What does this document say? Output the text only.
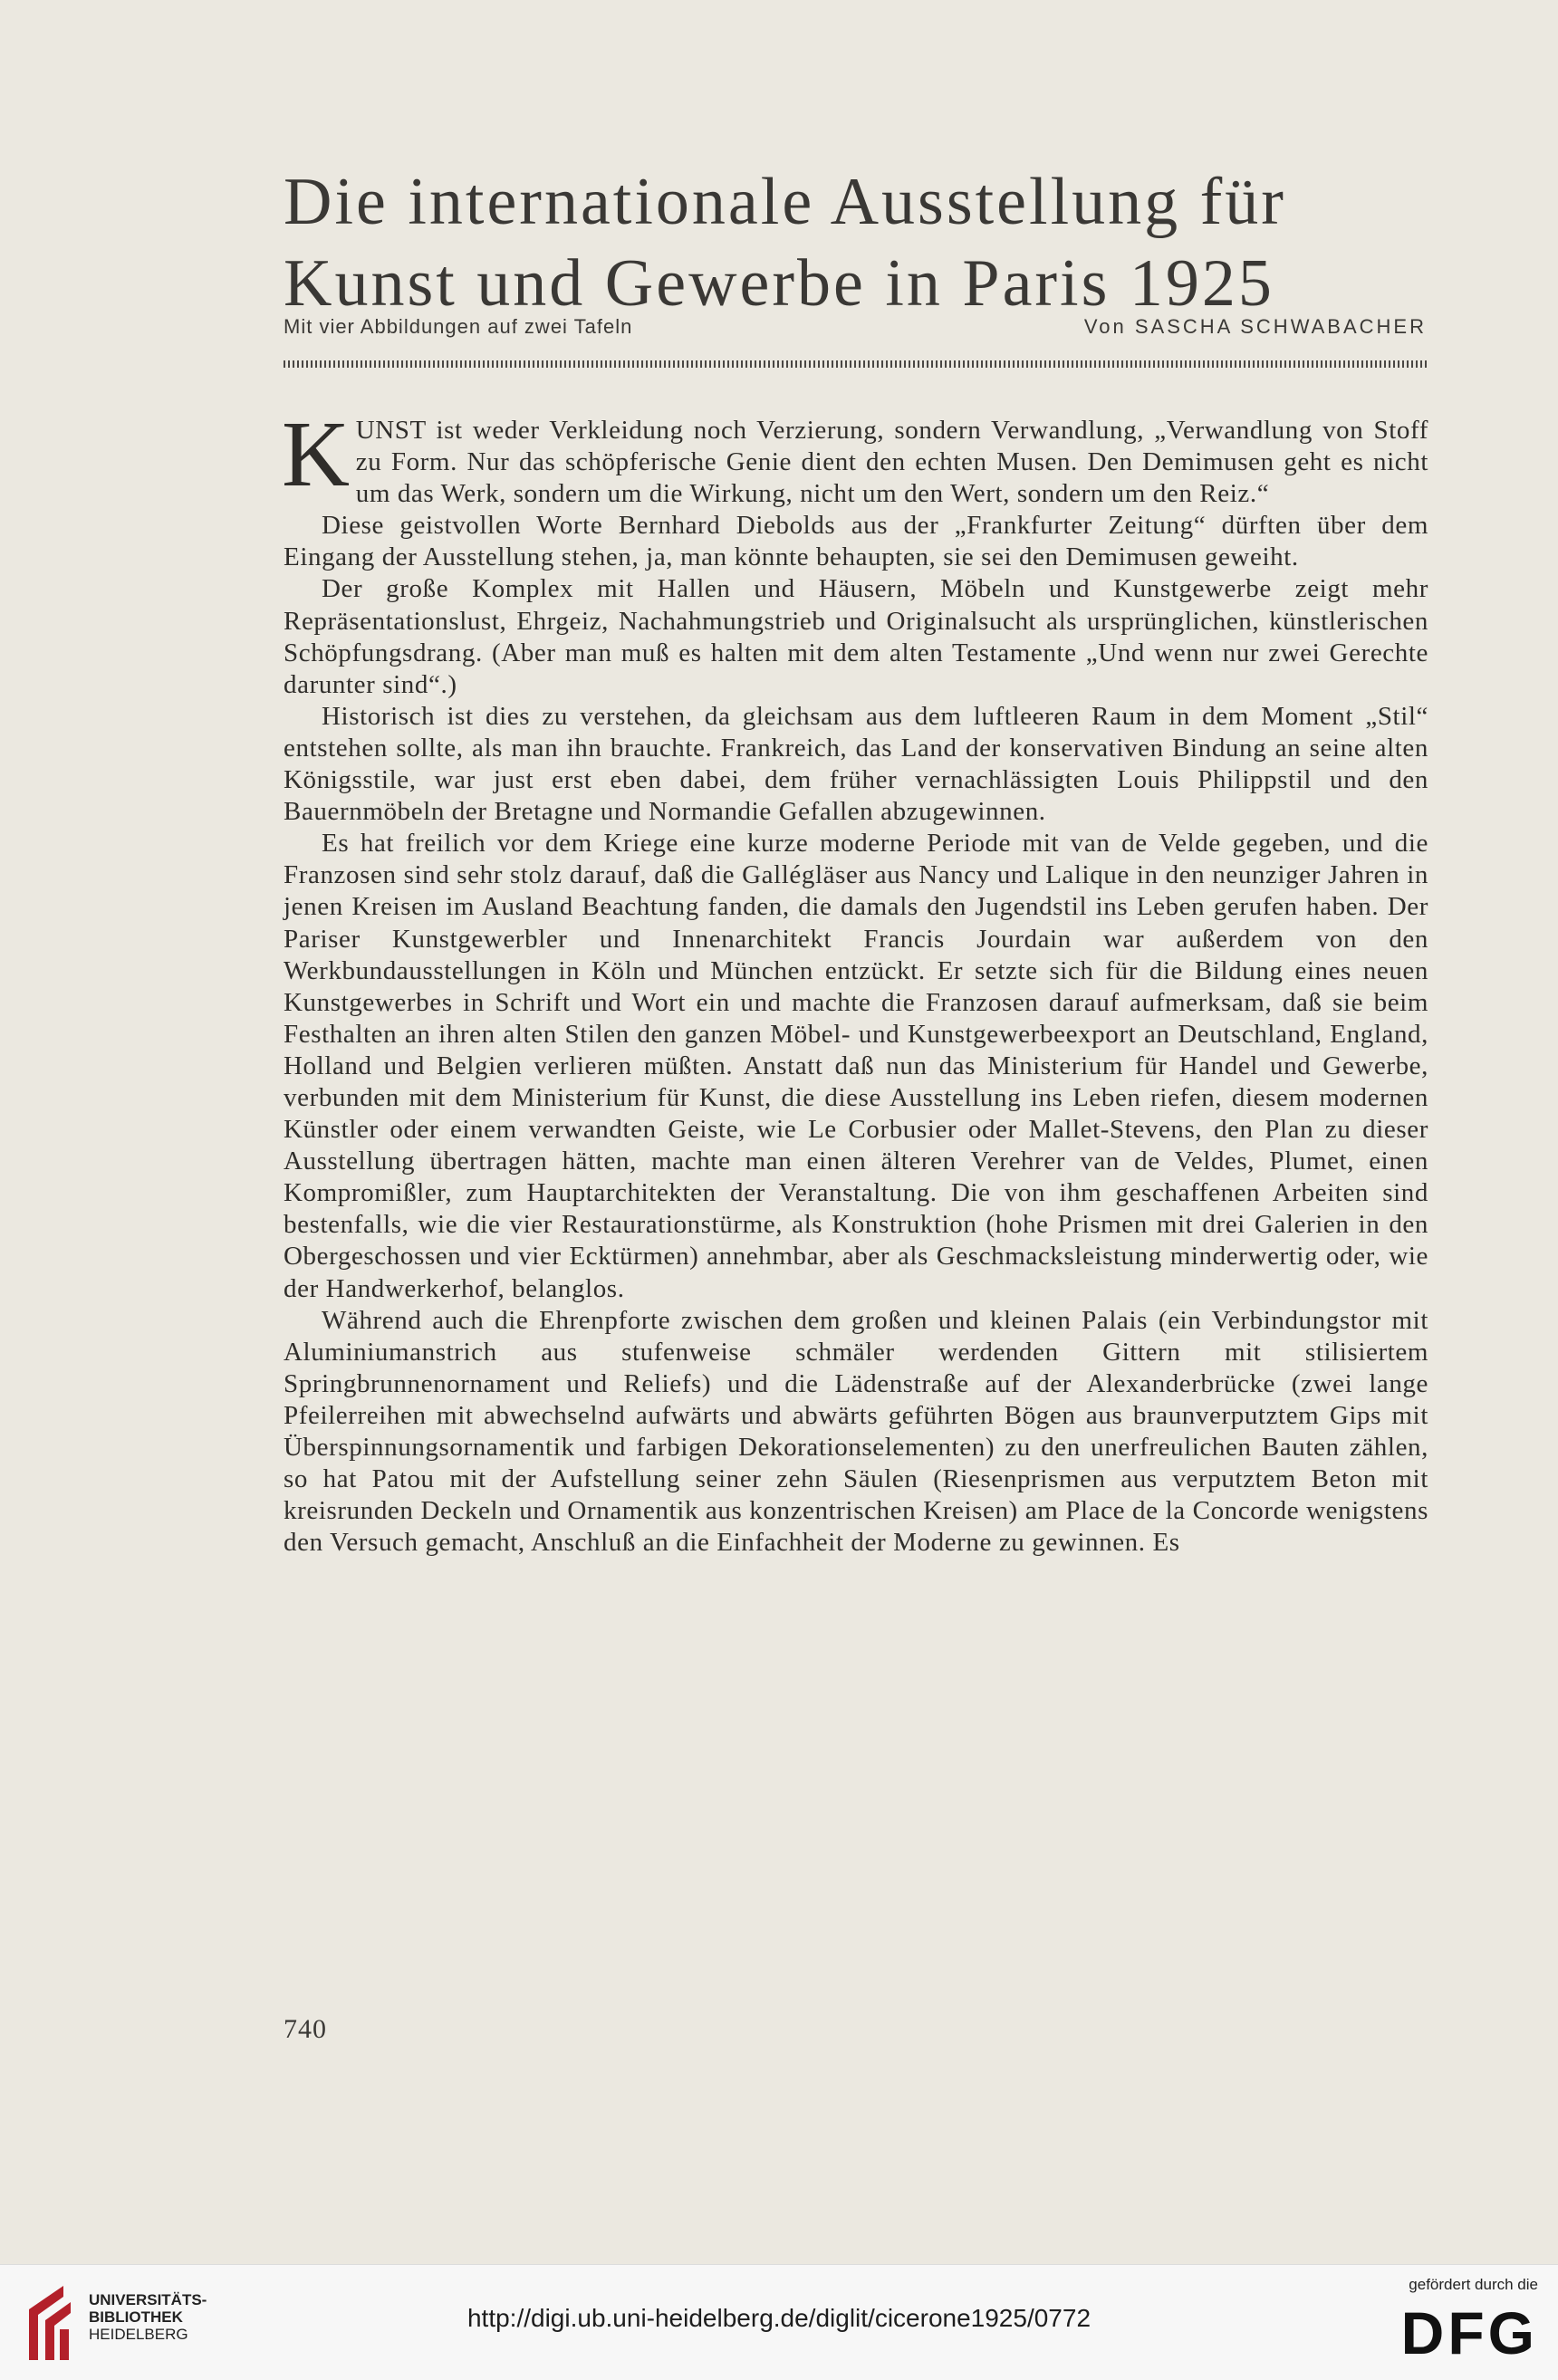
Die internationale Ausstellung für
Kunst und Gewerbe in Paris 1925
Mit vier Abbildungen auf zwei Tafeln	Von SASCHA SCHWABACHER

KUNST ist weder Verkleidung noch Verzierung, sondern Verwandlung, „Verwandlung von Stoff zu Form. Nur das schöpferische Genie dient den echten Musen. Den Demimusen geht es nicht um das Werk, sondern um die Wirkung, nicht um den Wert, sondern um den Reiz.“

Diese geistvollen Worte Bernhard Diebolds aus der „Frankfurter Zeitung“ dürften über dem Eingang der Ausstellung stehen, ja, man könnte behaupten, sie sei den Demimusen geweiht.

Der große Komplex mit Hallen und Häusern, Möbeln und Kunstgewerbe zeigt mehr Repräsentationslust, Ehrgeiz, Nachahmungstrieb und Originalsucht als ursprünglichen, künstlerischen Schöpfungsdrang. (Aber man muß es halten mit dem alten Testamente „Und wenn nur zwei Gerechte darunter sind“.)

Historisch ist dies zu verstehen, da gleichsam aus dem luftleeren Raum in dem Moment „Stil“ entstehen sollte, als man ihn brauchte. Frankreich, das Land der konservativen Bindung an seine alten Königsstile, war just erst eben dabei, dem früher vernachlässigten Louis Philippstil und den Bauernmöbeln der Bretagne und Normandie Gefallen abzugewinnen.

Es hat freilich vor dem Kriege eine kurze moderne Periode mit van de Velde gegeben, und die Franzosen sind sehr stolz darauf, daß die Gallégläser aus Nancy und Lalique in den neunziger Jahren in jenen Kreisen im Ausland Beachtung fanden, die damals den Jugendstil ins Leben gerufen haben. Der Pariser Kunstgewerbler und Innenarchitekt Francis Jourdain war außerdem von den Werkbundausstellungen in Köln und München entzückt. Er setzte sich für die Bildung eines neuen Kunstgewerbes in Schrift und Wort ein und machte die Franzosen darauf aufmerksam, daß sie beim Festhalten an ihren alten Stilen den ganzen Möbel- und Kunstgewerbeexport an Deutschland, England, Holland und Belgien verlieren müßten. Anstatt daß nun das Ministerium für Handel und Gewerbe, verbunden mit dem Ministerium für Kunst, die diese Ausstellung ins Leben riefen, diesem modernen Künstler oder einem verwandten Geiste, wie Le Corbusier oder Mallet-Stevens, den Plan zu dieser Ausstellung übertragen hätten, machte man einen älteren Verehrer van de Veldes, Plumet, einen Kompromißler, zum Hauptarchitekten der Veranstaltung. Die von ihm geschaffenen Arbeiten sind bestenfalls, wie die vier Restaurationstürme, als Konstruktion (hohe Prismen mit drei Galerien in den Obergeschossen und vier Ecktürmen) annehmbar, aber als Geschmacksleistung minderwertig oder, wie der Handwerkerhof, belanglos.

Während auch die Ehrenpforte zwischen dem großen und kleinen Palais (ein Verbindungstor mit Aluminiumanstrich aus stufenweise schmäler werdenden Gittern mit stilisiertem Springbrunnenornament und Reliefs) und die Lädenstraße auf der Alexanderbrücke (zwei lange Pfeilerreihen mit abwechselnd aufwärts und abwärts geführten Bögen aus braunverputztem Gips mit Überspinnungsornamentik und farbigen Dekorationselementen) zu den unerfreulichen Bauten zählen, so hat Patou mit der Aufstellung seiner zehn Säulen (Riesenprismen aus verputztem Beton mit kreisrunden Deckeln und Ornamentik aus konzentrischen Kreisen) am Place de la Concorde wenigstens den Versuch gemacht, Anschluß an die Einfachheit der Moderne zu gewinnen. Es

740
UNIVERSITÄTS-
BIBLIOTHEK
HEIDELBERG
http://digi.ub.uni-heidelberg.de/diglit/cicerone1925/0772
gefördert durch die
DFG
